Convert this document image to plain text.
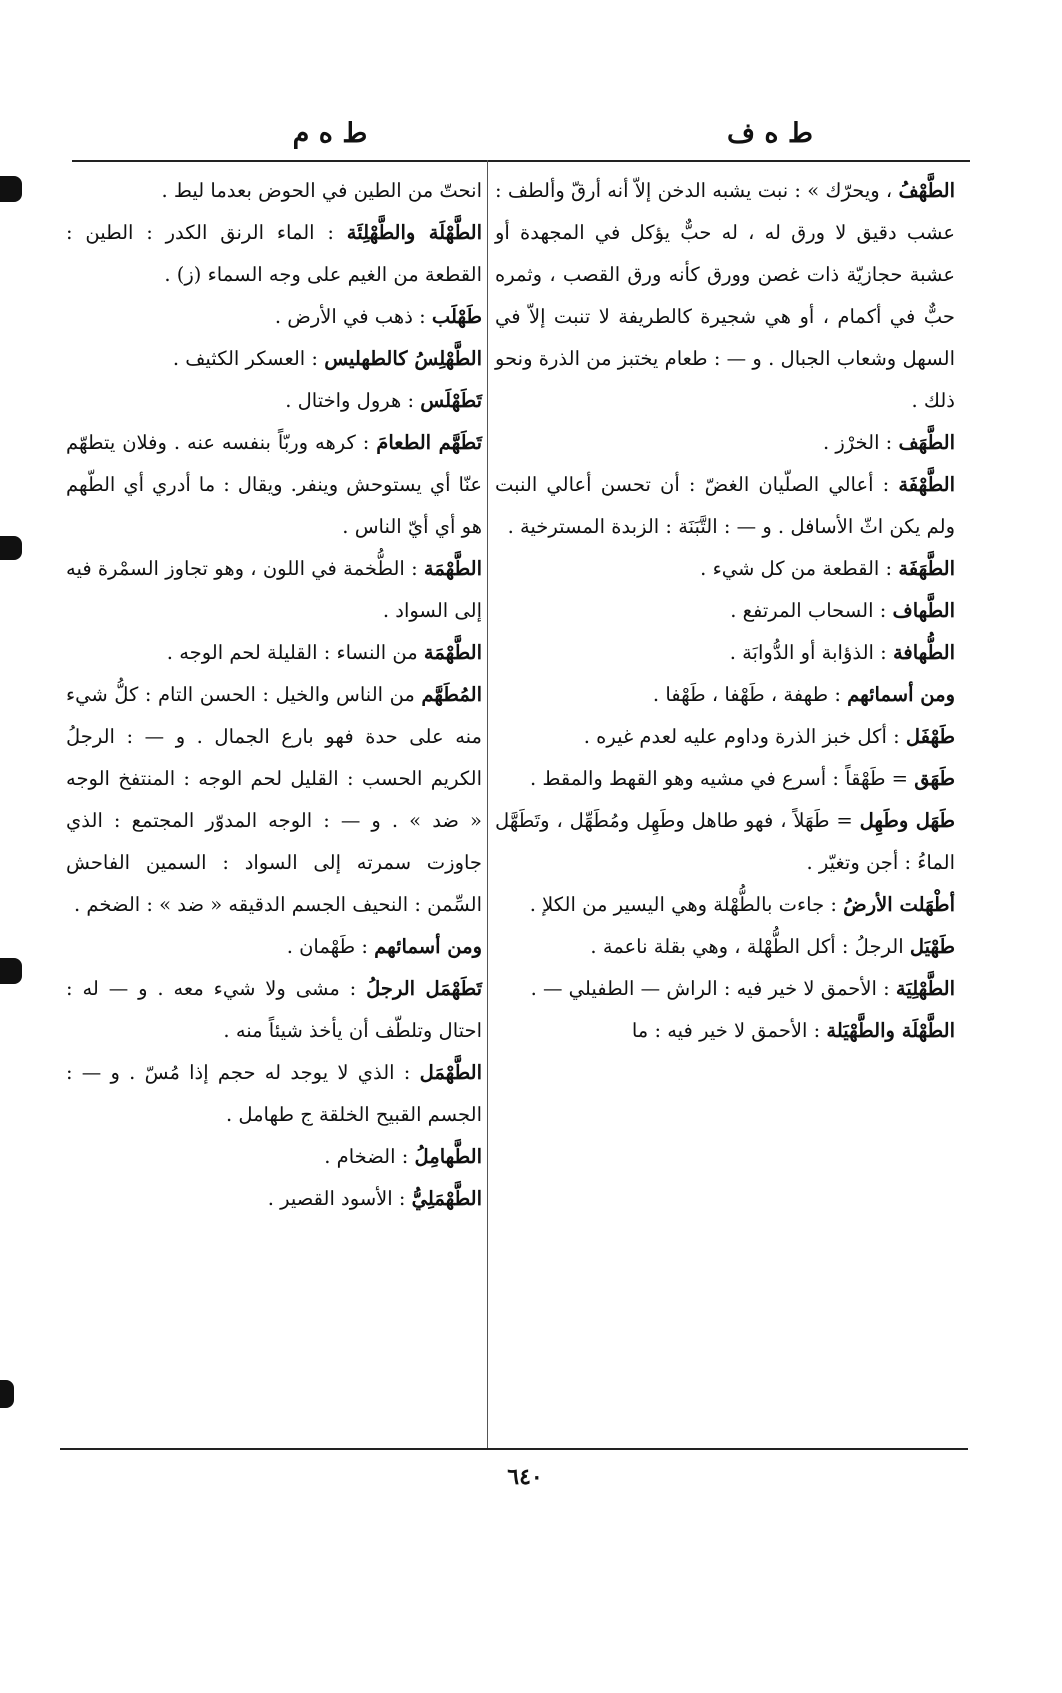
ط ه ف
ط ه م

الطَّهْفُ ، ويحرّك » : نبت يشبه الدخن إلاّ أنه أرقّ وألطف : عشب دقيق لا ورق له ، له حبٌّ يؤكل في المجهدة أو عشبة حجازيّة ذات غصن وورق كأنه ورق القصب ، وثمره حبٌّ في أكمام ، أو هي شجيرة كالطريفة لا تنبت إلاّ في السهل وشعاب الجبال . و — : طعام يختبز من الذرة ونحو ذلك .

الطَّهَف : الخرْز .

الطَّهْفَة : أعالي الصلّيان الغضّ : أن تحسن أعالي النبت ولم يكن اثّ الأسافل . و — : التَّبَنَة : الزبدة المسترخية .

الطَّهَفَة : القطعة من كل شيء .

الطَّهاف : السحاب المرتفع .

الطُّهافة : الذؤابة أو الدُّوابَة .

ومن أسمائهم : طهفة ، طَهْفا ، طَهْفا .

طَهْفَل : أكل خبز الذرة وداوم عليه لعدم غيره .

طَهَق = طَهْقاً : أسرع في مشيه وهو القهط والمقط .

طَهَل وطَهِل = طَهَلاً ، فهو طاهل وطَهِل ومُطَهِّل ، وتَطَهَّل الماءُ : أجن وتغيّر .

أطْهَلت الأرضُ : جاءت بالطُّهْلة وهي اليسير من الكلإ .

طَهْيَل الرجلُ : أكل الطُّهْلة ، وهي بقلة ناعمة .

الطَّهْلِيَة : الأحمق لا خير فيه : الراش — الطفيلي — .

الطَّهْلَة والطَّهْيَلة : الأحمق لا خير فيه : ما

انحتّ من الطين في الحوض بعدما ليط .

الطَّهْلَة والطَّهْلِئَة : الماء الرنق الكدر : الطين : القطعة من الغيم على وجه السماء (ز) .

طَهْلَب : ذهب في الأرض .

الطَّهْلِسُ كالطهليس : العسكر الكثيف .

تَطَهْلَس : هرول واختال .

تَطَهَّم الطعامَ : كرهه وربّاً بنفسه عنه . وفلان يتطهّم عنّا أي يستوحش وينفر. ويقال : ما أدري أي الطّهم هو أي أيّ الناس .

الطَّهْمَة : الطُّخمة في اللون ، وهو تجاوز السمْرة فيه إلى السواد .

الطَّهْمَة من النساء : القليلة لحم الوجه .

المُطَهَّم من الناس والخيل : الحسن التام : كلُّ شيء منه على حدة فهو بارع الجمال . و — : الرجلُ الكريم الحسب : القليل لحم الوجه : المنتفخ الوجه « ضد » . و — : الوجه المدوّر المجتمع : الذي جاوزت سمرته إلى السواد : السمين الفاحش السِّمن : النحيف الجسم الدقيقه « ضد » : الضخم .

ومن أسمائهم : طَهْمان .

تَطَهْمَل الرجلُ : مشى ولا شيء معه . و — له : احتال وتلطّف أن يأخذ شيئاً منه .

الطَّهْمَل : الذي لا يوجد له حجم إذا مُسّ . و — : الجسم القبيح الخلقة ج طهامل .

الطَّهامِلُ : الضخام .

الطَّهْمَلِيُّ : الأسود القصير .

٦٤٠
